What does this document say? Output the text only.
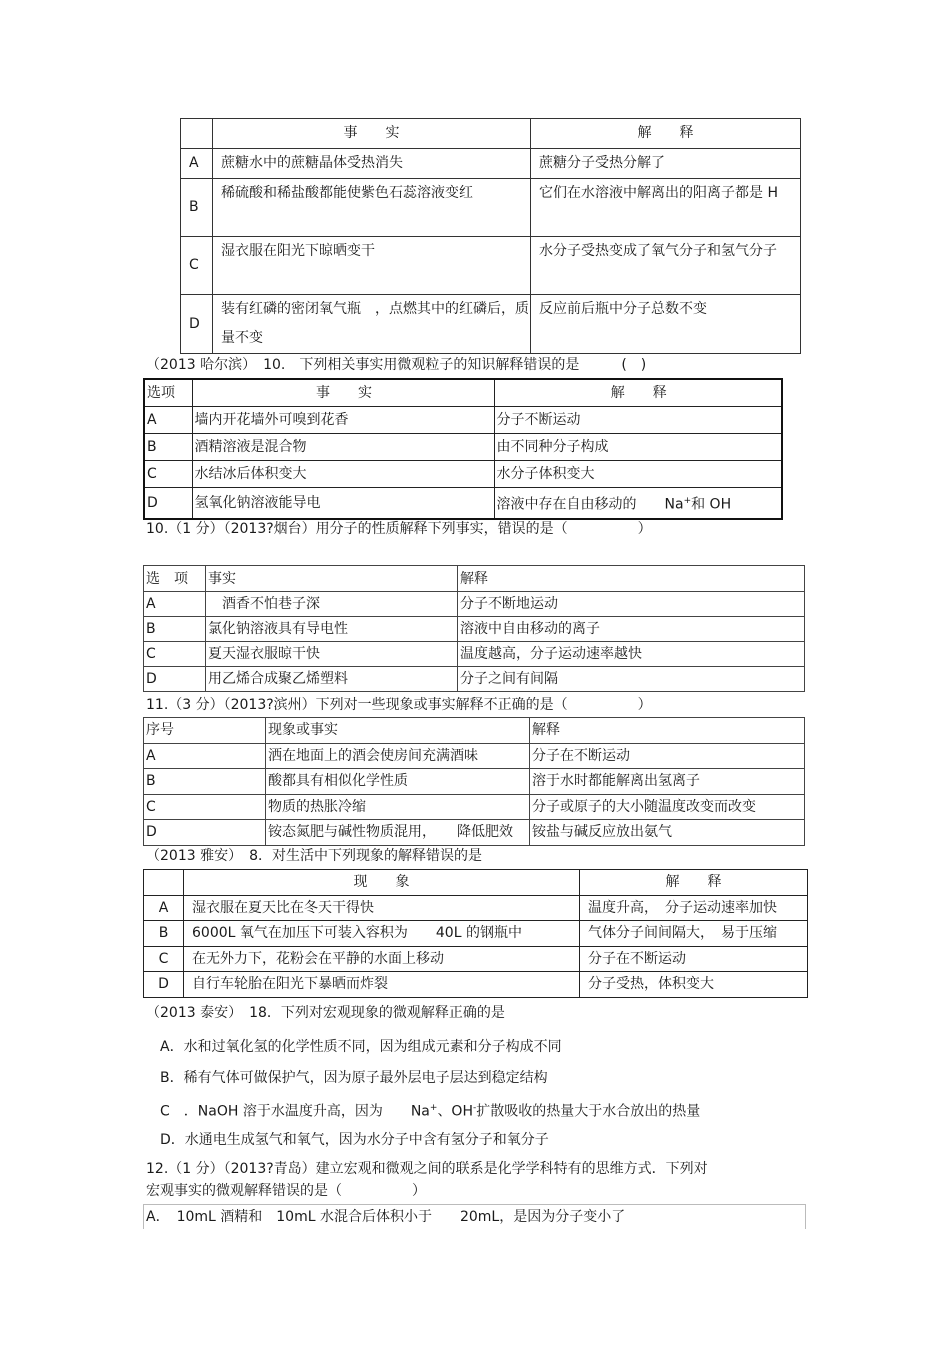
	事　　实	解　　释
A	蔗糖水中的蔗糖晶体受热消失	蔗糖分子受热分解了
B	稀硫酸和稀盐酸都能使紫色石蕊溶液变红	它们在水溶液中解离出的阳离子都是 H
C	湿衣服在阳光下晾晒变干	水分子受热变成了氧气分子和氢气分子
D	装有红磷的密闭氧气瓶　，点燃其中的红磷后，质量不变	反应前后瓶中分子总数不变
（2013 哈尔滨）　10.　下列相关事实用微观粒子的知识解释错误的是　　　(　)
选项	事　　实	解　　释
A	墙内开花墙外可嗅到花香	分子不断运动
B	酒精溶液是混合物	由不同种分子构成
C	水结冰后体积变大	水分子体积变大
D	氢氧化钠溶液能导电	溶液中存在自由移动的　　Na+和 OH
10.（1 分）（2013?烟台）用分子的性质解释下列事实，错误的是（　　　　　）
选　项	事实	解释
A	　酒香不怕巷子深	分子不断地运动
B	氯化钠溶液具有导电性	溶液中自由移动的离子
C	夏天湿衣服晾干快	温度越高，分子运动速率越快
D	用乙烯合成聚乙烯塑料	分子之间有间隔
11.（3 分）（2013?滨州）下列对一些现象或事实解释不正确的是（　　　　　）
序号	现象或事实	解释
A	洒在地面上的酒会使房间充满酒味	分子在不断运动
B	酸都具有相似化学性质	溶于水时都能解离出氢离子
C	物质的热胀冷缩	分子或原子的大小随温度改变而改变
D	铵态氮肥与碱性物质混用，　　降低肥效	铵盐与碱反应放出氨气
（2013 雅安）　8．对生活中下列现象的解释错误的是
	现　　象	解　　释
A	湿衣服在夏天比在冬天干得快	温度升高，　分子运动速率加快
B	6000L 氧气在加压下可装入容积为　　40L 的钢瓶中	气体分子间间隔大，　易于压缩
C	在无外力下，花粉会在平静的水面上移动	分子在不断运动
D	自行车轮胎在阳光下暴晒而炸裂	分子受热，体积变大
（2013 泰安）　18．下列对宏观现象的微观解释正确的是
A．水和过氧化氢的化学性质不同，因为组成元素和分子构成不同
B．稀有气体可做保护气，因为原子最外层电子层达到稳定结构
C　．NaOH 溶于水温度升高，因为　　Na+、OH-扩散吸收的热量大于水合放出的热量
D．水通电生成氢气和氧气，因为水分子中含有氢分子和氧分子
12.（1 分）（2013?青岛）建立宏观和微观之间的联系是化学学科特有的思维方式．下列对
宏观事实的微观解释错误的是（　　　　　）
A．　10mL 酒精和　10mL 水混合后体积小于　　20mL，是因为分子变小了
